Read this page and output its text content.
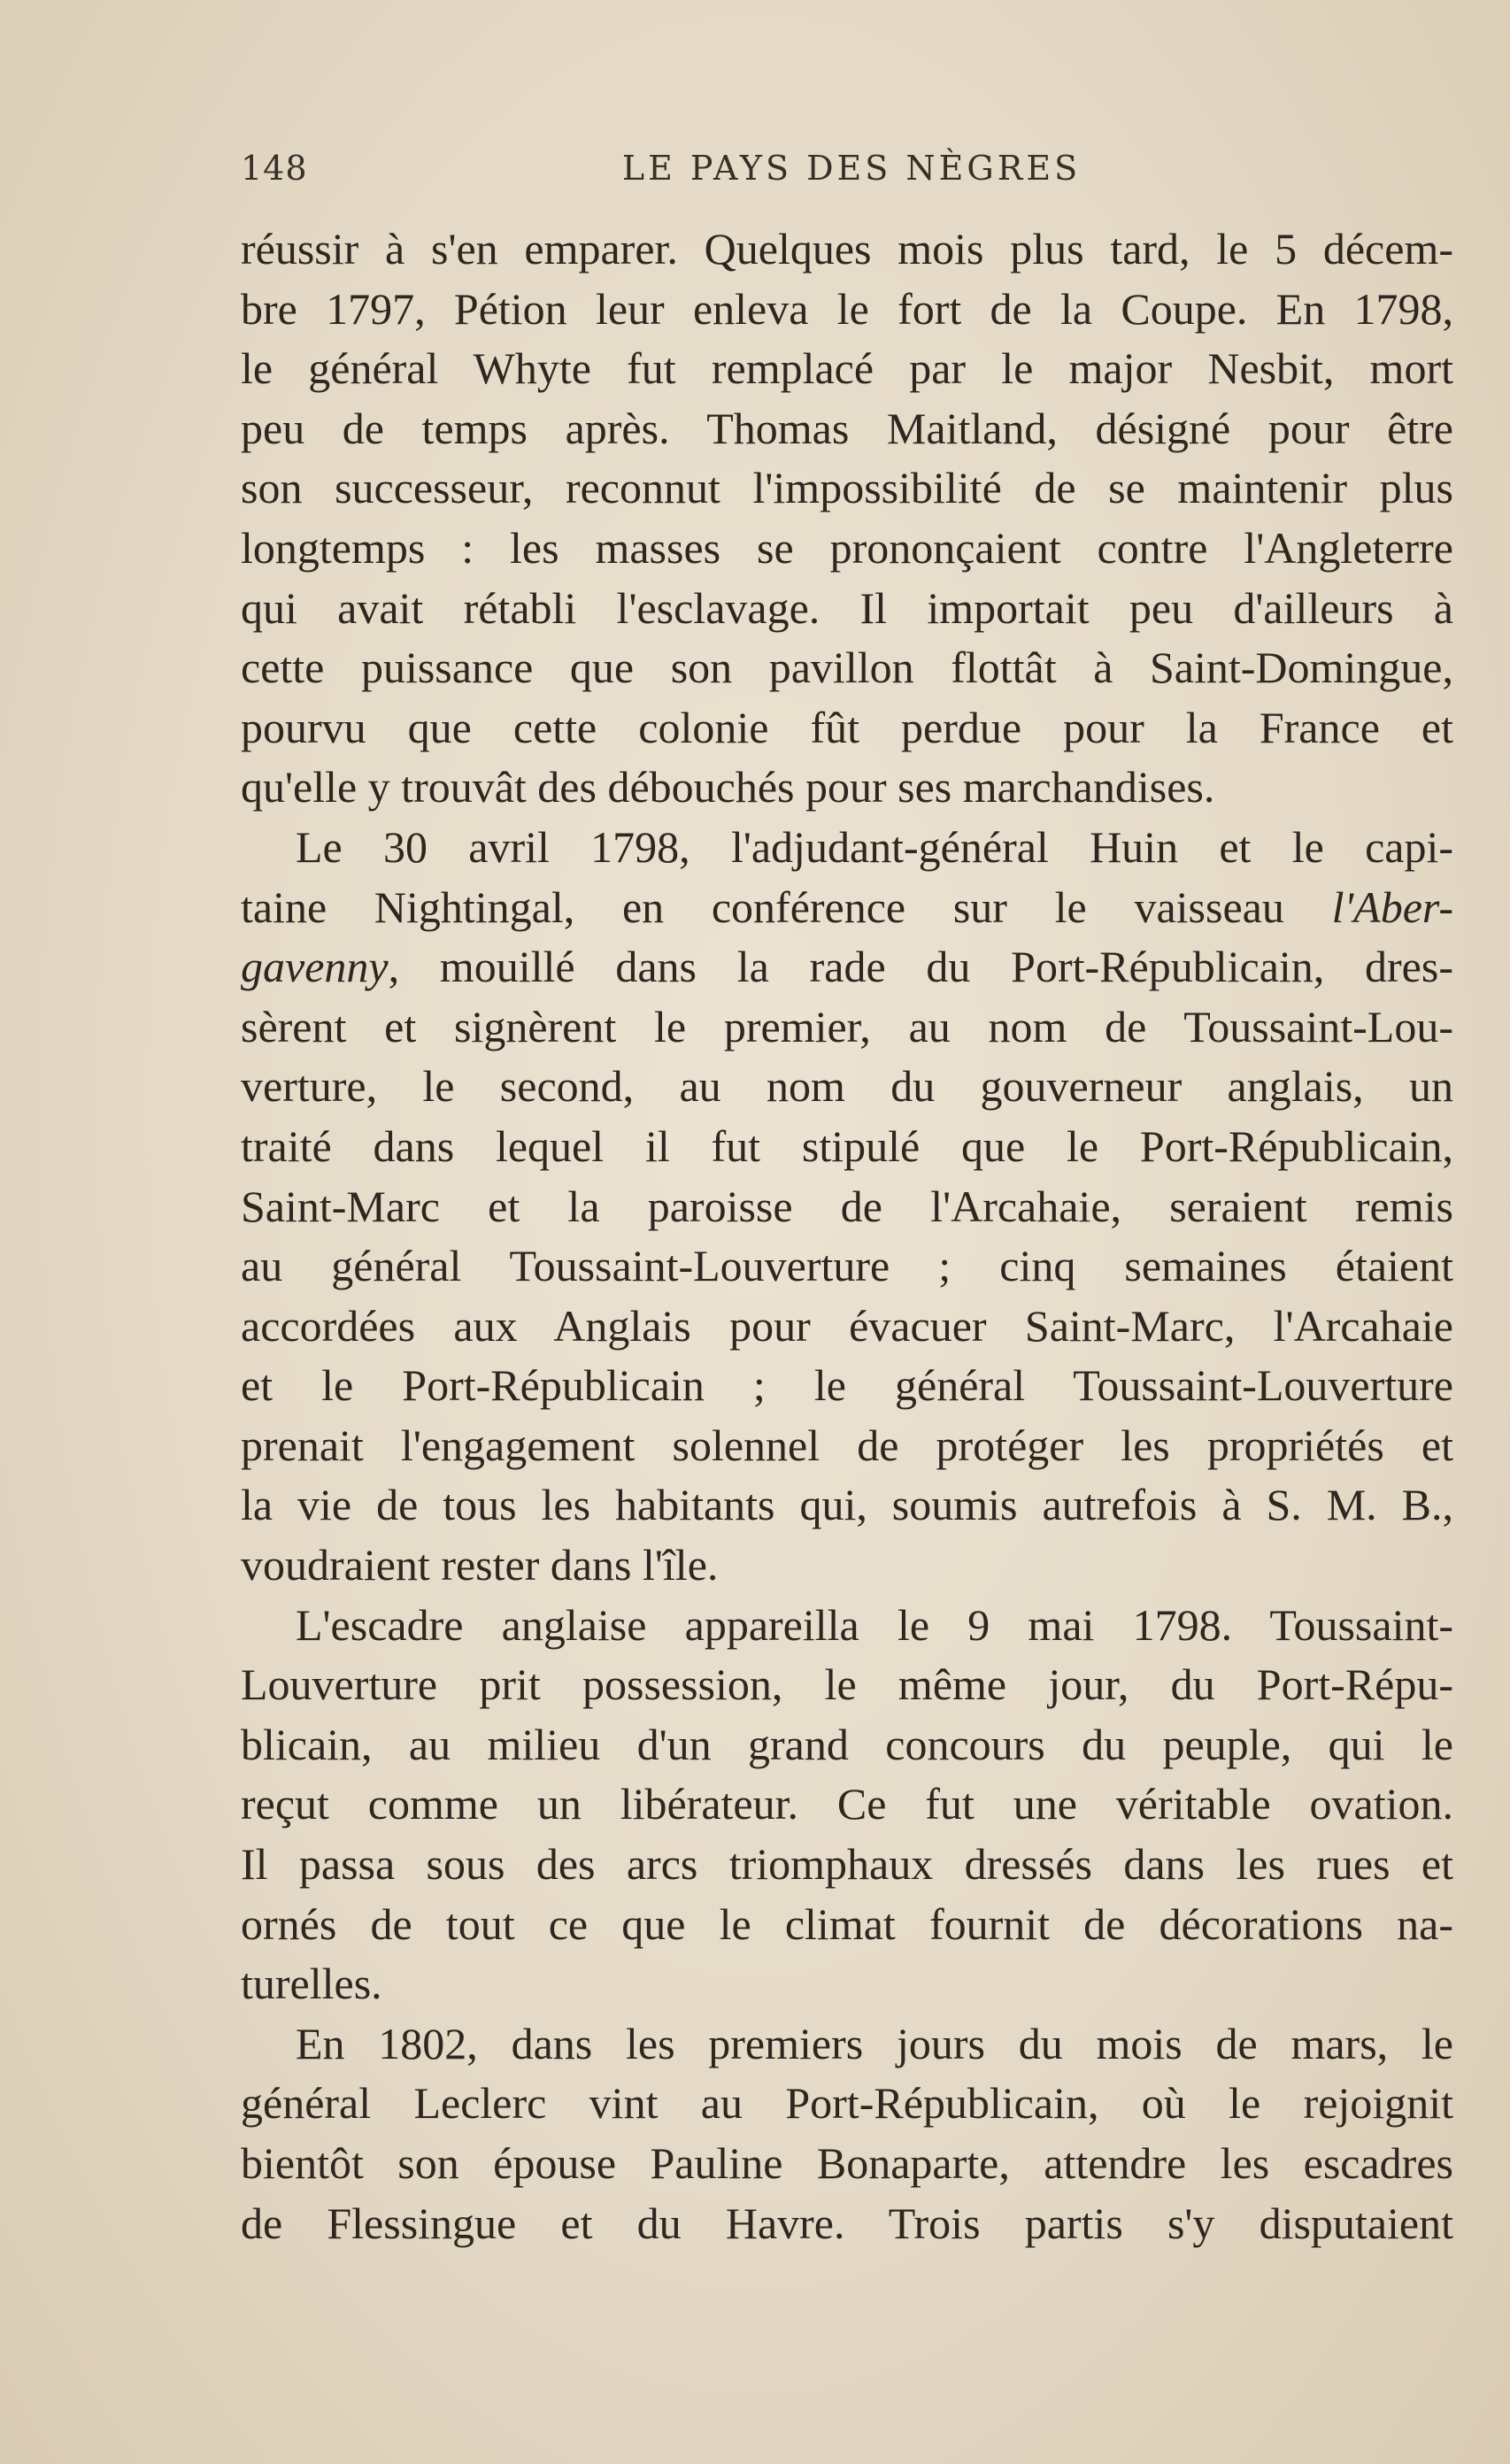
148	LE PAYS DES NÈGRES
réussir à s'en emparer. Quelques mois plus tard, le 5 décem-
bre 1797, Pétion leur enleva le fort de la Coupe. En 1798,
le général Whyte fut remplacé par le major Nesbit, mort
peu de temps après. Thomas Maitland, désigné pour être
son successeur, reconnut l'impossibilité de se maintenir plus
longtemps : les masses se prononçaient contre l'Angleterre
qui avait rétabli l'esclavage. Il importait peu d'ailleurs à
cette puissance que son pavillon flottât à Saint-Domingue,
pourvu que cette colonie fût perdue pour la France et
qu'elle y trouvât des débouchés pour ses marchandises.
Le 30 avril 1798, l'adjudant-général Huin et le capi-
taine Nightingal, en conférence sur le vaisseau l'Aber-
gavenny, mouillé dans la rade du Port-Républicain, dres-
sèrent et signèrent le premier, au nom de Toussaint-Lou-
verture, le second, au nom du gouverneur anglais, un
traité dans lequel il fut stipulé que le Port-Républicain,
Saint-Marc et la paroisse de l'Arcahaie, seraient remis
au général Toussaint-Louverture ; cinq semaines étaient
accordées aux Anglais pour évacuer Saint-Marc, l'Arcahaie
et le Port-Républicain ; le général Toussaint-Louverture
prenait l'engagement solennel de protéger les propriétés et
la vie de tous les habitants qui, soumis autrefois à S. M. B.,
voudraient rester dans l'île.
L'escadre anglaise appareilla le 9 mai 1798. Toussaint-
Louverture prit possession, le même jour, du Port-Répu-
blicain, au milieu d'un grand concours du peuple, qui le
reçut comme un libérateur. Ce fut une véritable ovation.
Il passa sous des arcs triomphaux dressés dans les rues et
ornés de tout ce que le climat fournit de décorations na-
turelles.
En 1802, dans les premiers jours du mois de mars, le
général Leclerc vint au Port-Républicain, où le rejoignit
bientôt son épouse Pauline Bonaparte, attendre les escadres
de Flessingue et du Havre. Trois partis s'y disputaient
